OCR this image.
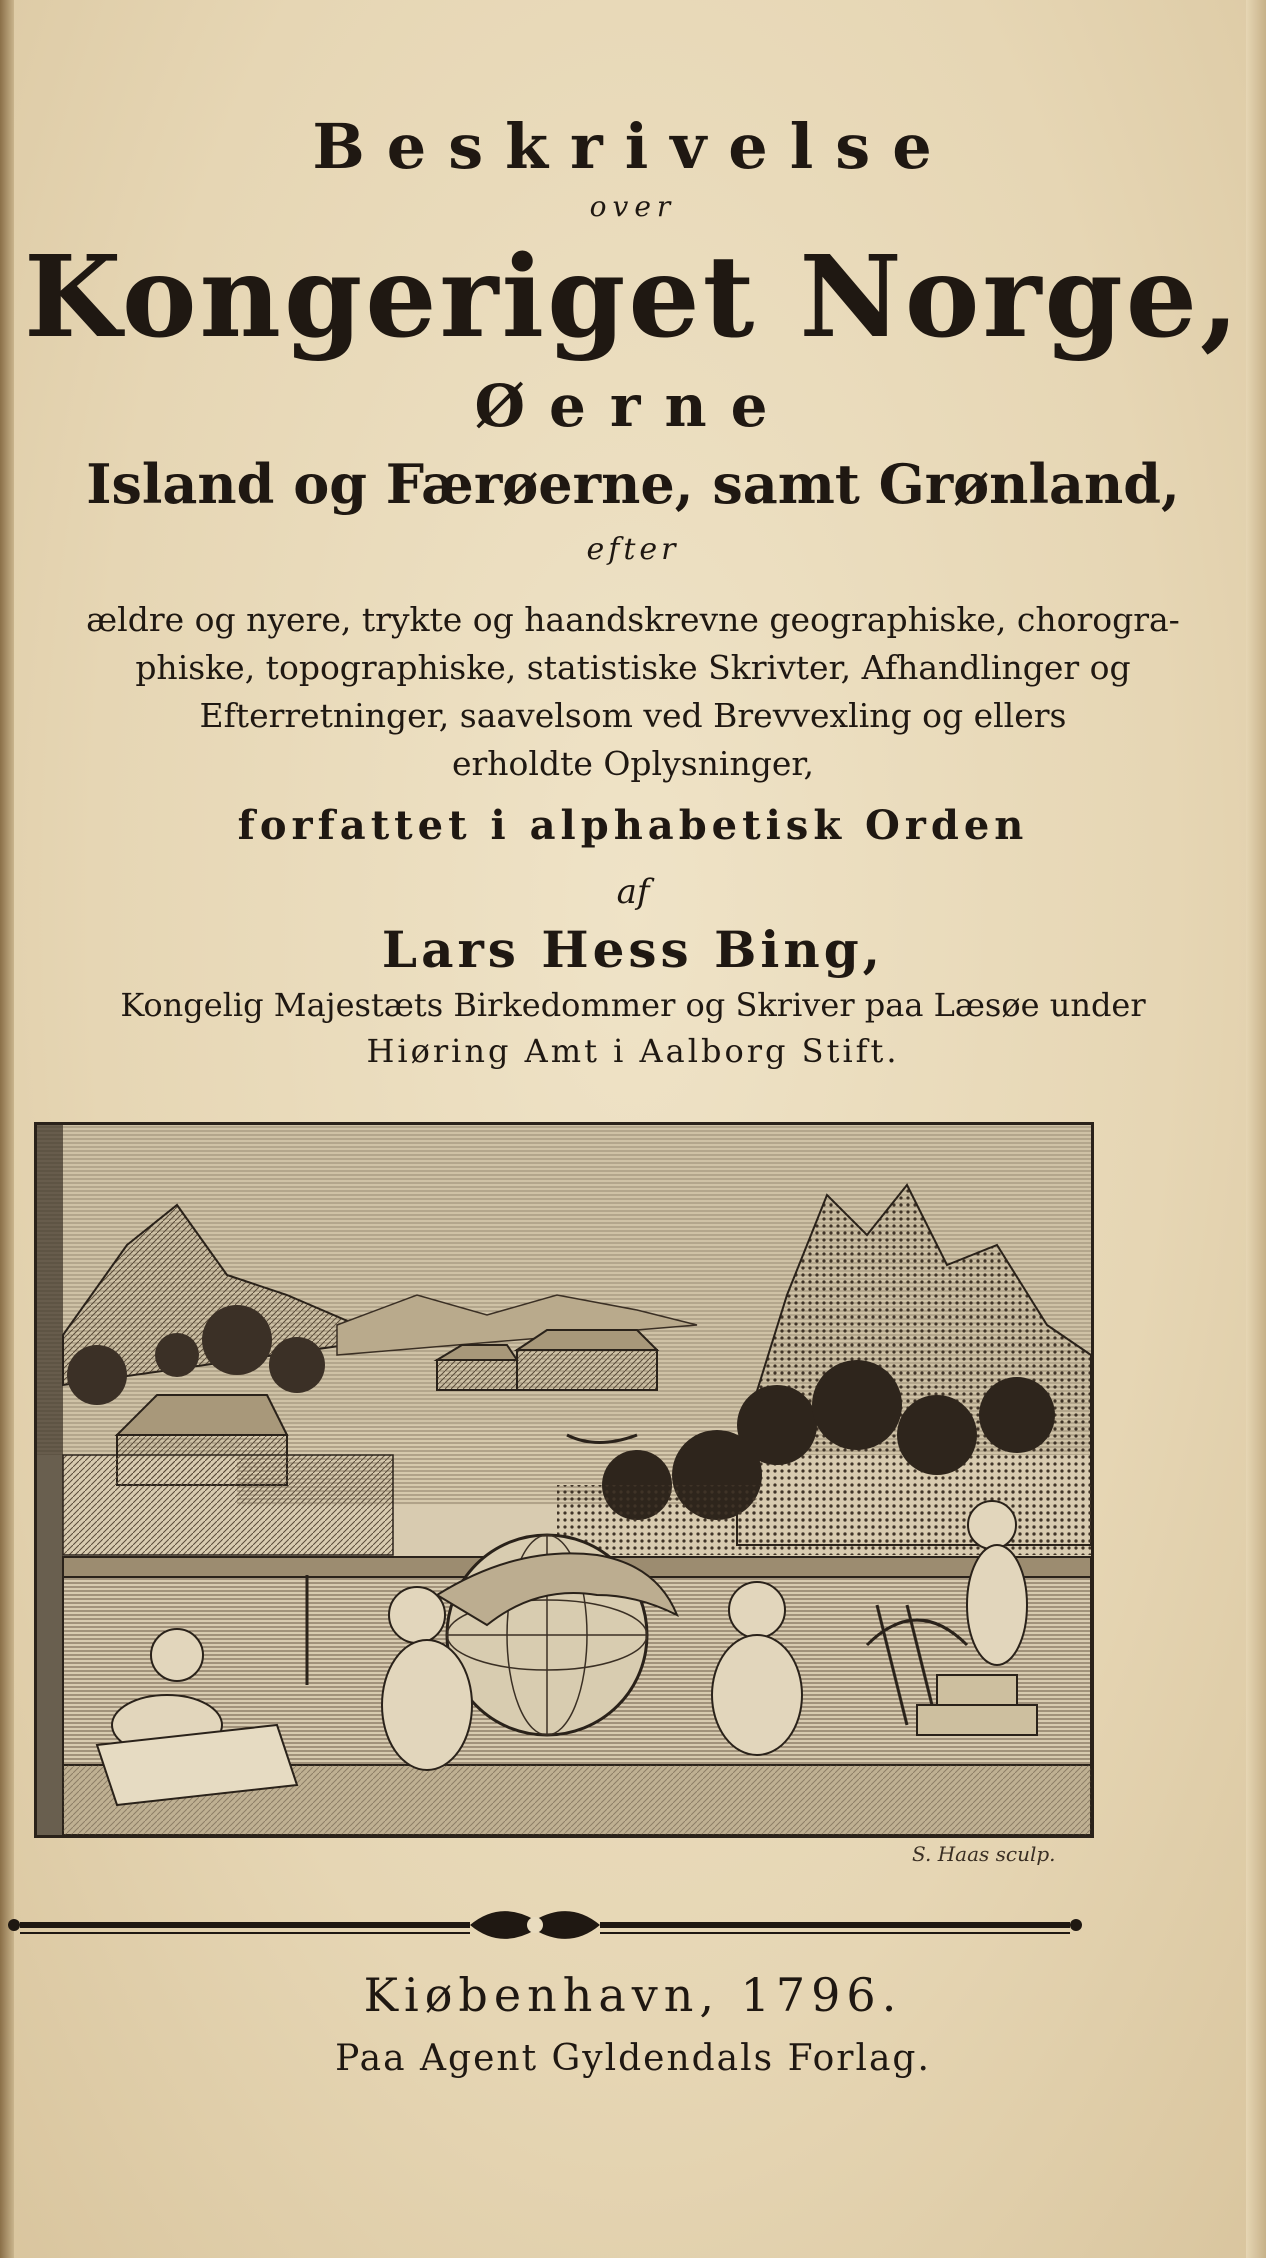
Beskrivelse
over
Kongeriget Norge,
Øerne
Island og Færøerne, samt Grønland,
efter
ældre og nyere, trykte og haandskrevne geographiske, chorogra-
phiske, topographiske, statistiske Skrivter, Afhandlinger og
Efterretninger, saavelsom ved Brevvexling og ellers
erholdte Oplysninger,
forfattet i alphabetisk Orden
af
Lars Hess Bing,
Kongelig Majestæts Birkedommer og Skriver paa Læsøe under
Hiøring Amt i Aalborg Stift.
S. Haas sculp.
Kiøbenhavn, 1796.
Paa Agent Gyldendals Forlag.
